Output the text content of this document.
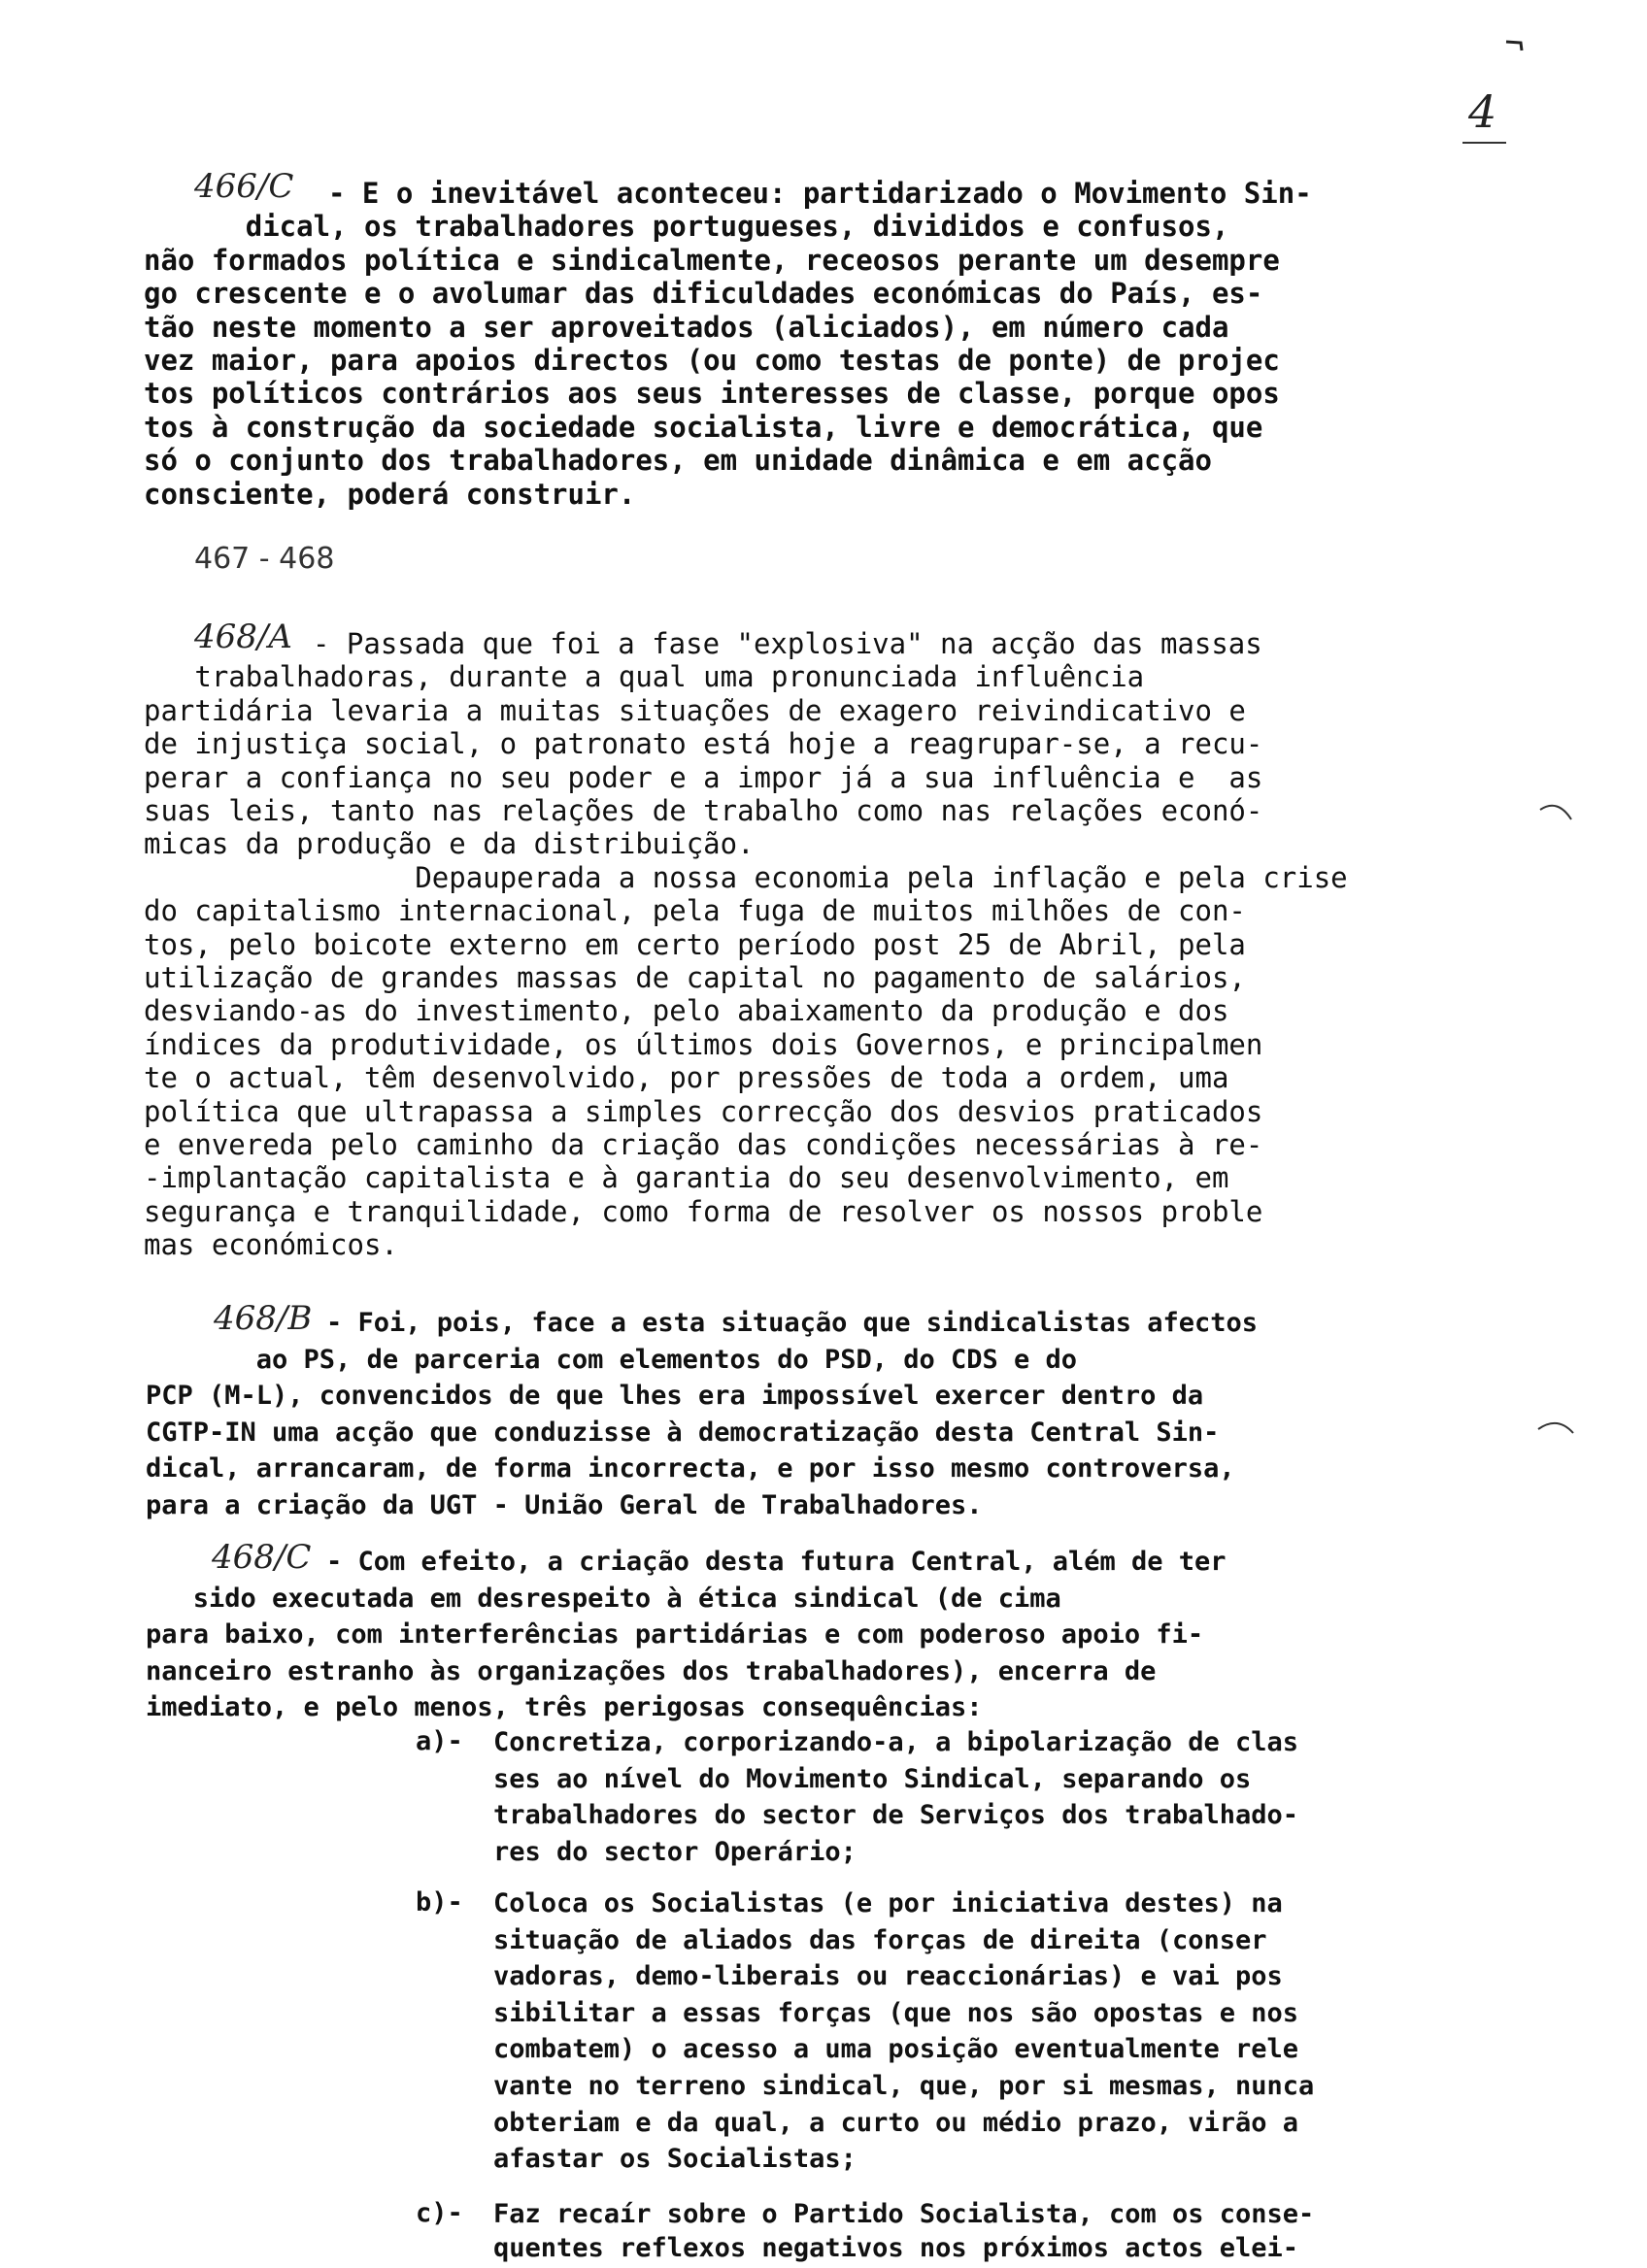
4
466/C - E o inevitável aconteceu: partidarizado o Movimento Sin-
dical, os trabalhadores portugueses, divididos e confusos,
não formados política e sindicalmente, receosos perante um desempre
go crescente e o avolumar das dificuldades económicas do País, es-
tão neste momento a ser aproveitados (aliciados), em número cada
vez maior, para apoios directos (ou como testas de ponte) de projec
tos políticos contrários aos seus interesses de classe, porque opos
tos à construção da sociedade socialista, livre e democrática, que
só o conjunto dos trabalhadores, em unidade dinâmica e em acção
consciente, poderá construir.
467 - 468
468/A - Passada que foi a fase "explosiva" na acção das massas
trabalhadoras, durante a qual uma pronunciada influência
partidária levaria a muitas situações de exagero reivindicativo e
de injustiça social, o patronato está hoje a reagrupar-se, a recu-
perar a confiança no seu poder e a impor já a sua influência e  as
suas leis, tanto nas relações de trabalho como nas relações econó-
micas da produção e da distribuição.
Depauperada a nossa economia pela inflação e pela crise
do capitalismo internacional, pela fuga de muitos milhões de con-
tos, pelo boicote externo em certo período post 25 de Abril, pela
utilização de grandes massas de capital no pagamento de salários,
desviando-as do investimento, pelo abaixamento da produção e dos
índices da produtividade, os últimos dois Governos, e principalmen
te o actual, têm desenvolvido, por pressões de toda a ordem, uma
política que ultrapassa a simples correcção dos desvios praticados
e envereda pelo caminho da criação das condições necessárias à re-
-implantação capitalista e à garantia do seu desenvolvimento, em
segurança e tranquilidade, como forma de resolver os nossos proble
mas económicos.
468/B - Foi, pois, face a esta situação que sindicalistas afectos
ao PS, de parceria com elementos do PSD, do CDS e do
PCP (M-L), convencidos de que lhes era impossível exercer dentro da
CGTP-IN uma acção que conduzisse à democratização desta Central Sin-
dical, arrancaram, de forma incorrecta, e por isso mesmo controversa,
para a criação da UGT - União Geral de Trabalhadores.
468/C - Com efeito, a criação desta futura Central, além de ter
sido executada em desrespeito à ética sindical (de cima
para baixo, com interferências partidárias e com poderoso apoio fi-
nanceiro estranho às organizações dos trabalhadores), encerra de
imediato, e pelo menos, três perigosas consequências:
a)- Concretiza, corporizando-a, a bipolarização de clas
ses ao nível do Movimento Sindical, separando os
trabalhadores do sector de Serviços dos trabalhado-
res do sector Operário;
b)- Coloca os Socialistas (e por iniciativa destes) na
situação de aliados das forças de direita (conser
vadoras, demo-liberais ou reaccionárias) e vai pos
sibilitar a essas forças (que nos são opostas e nos
combatem) o acesso a uma posição eventualmente rele
vante no terreno sindical, que, por si mesmas, nunca
obteriam e da qual, a curto ou médio prazo, virão a
afastar os Socialistas;
c)- Faz recaír sobre o Partido Socialista, com os conse-
quentes reflexos negativos nos próximos actos elei-
